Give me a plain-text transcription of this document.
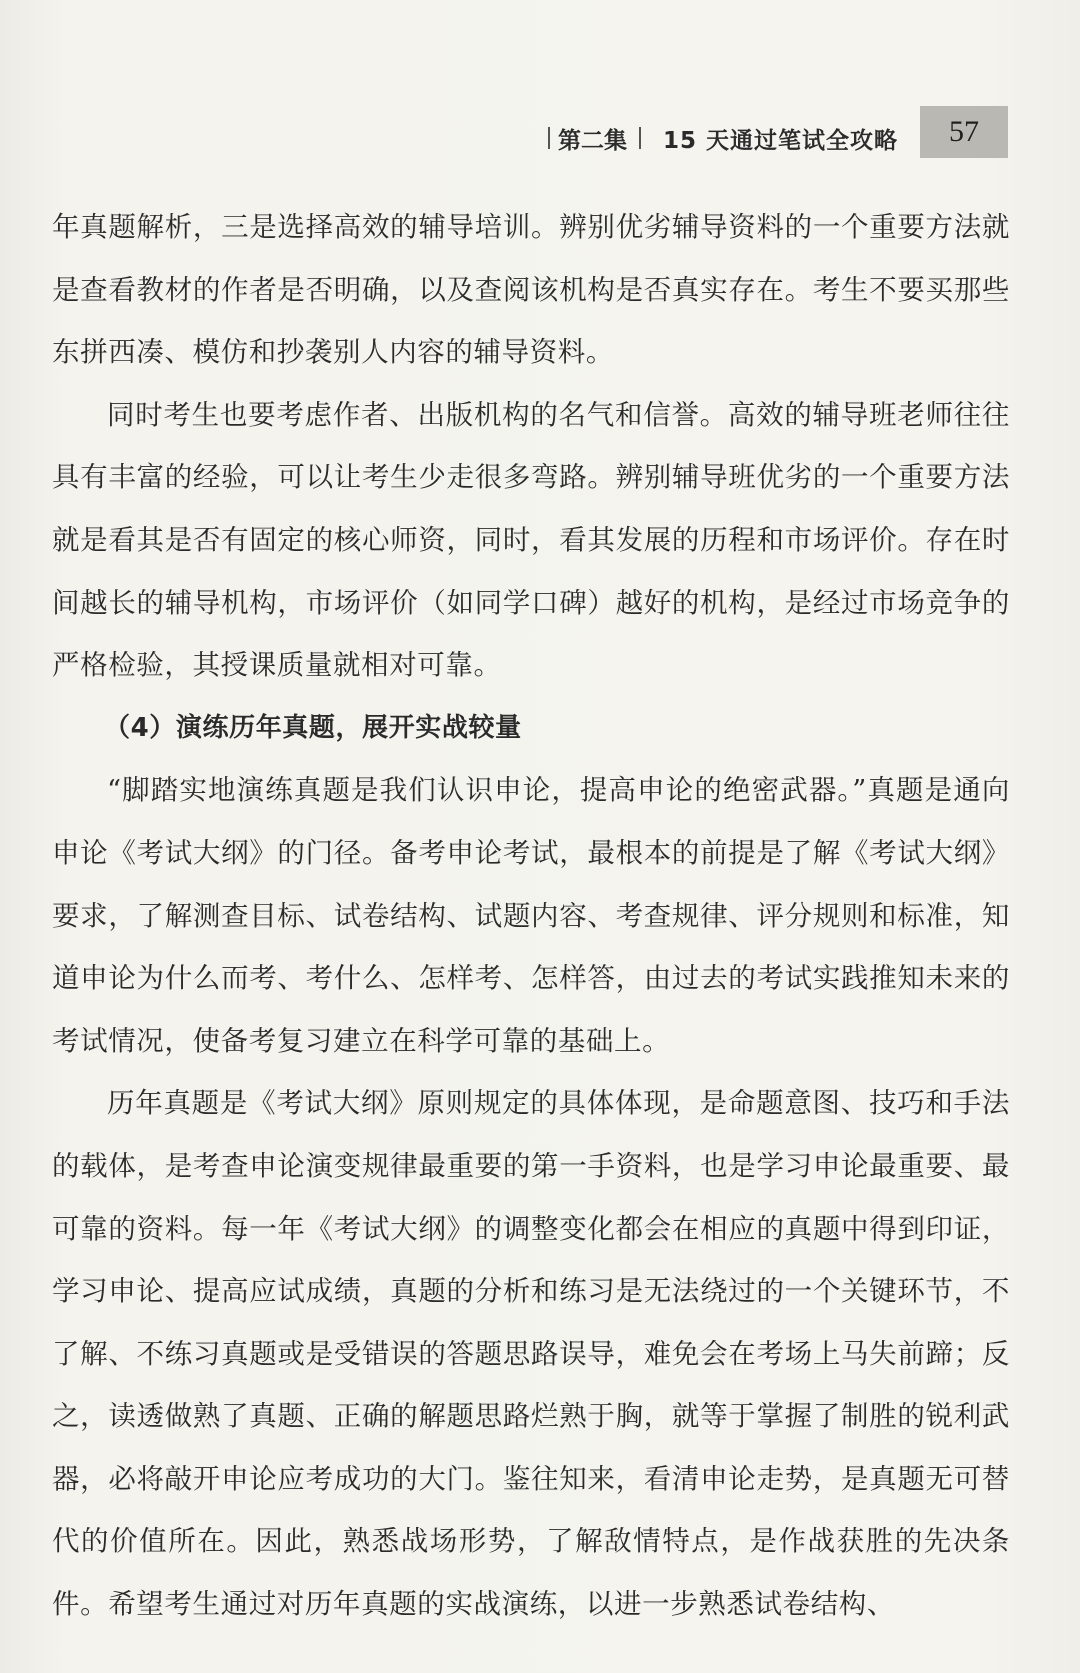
第二集 15 天通过笔试全攻略 57

年真题解析，三是选择高效的辅导培训。辨别优劣辅导资料的一个重要方法就是查看教材的作者是否明确，以及查阅该机构是否真实存在。考生不要买那些东拼西凑、模仿和抄袭别人内容的辅导资料。

同时考生也要考虑作者、出版机构的名气和信誉。高效的辅导班老师往往具有丰富的经验，可以让考生少走很多弯路。辨别辅导班优劣的一个重要方法就是看其是否有固定的核心师资，同时，看其发展的历程和市场评价。存在时间越长的辅导机构，市场评价（如同学口碑）越好的机构，是经过市场竞争的严格检验，其授课质量就相对可靠。

（4）演练历年真题，展开实战较量

“脚踏实地演练真题是我们认识申论，提高申论的绝密武器。”真题是通向申论《考试大纲》的门径。备考申论考试，最根本的前提是了解《考试大纲》要求，了解测查目标、试卷结构、试题内容、考查规律、评分规则和标准，知道申论为什么而考、考什么、怎样考、怎样答，由过去的考试实践推知未来的考试情况，使备考复习建立在科学可靠的基础上。

历年真题是《考试大纲》原则规定的具体体现，是命题意图、技巧和手法的载体，是考查申论演变规律最重要的第一手资料，也是学习申论最重要、最可靠的资料。每一年《考试大纲》的调整变化都会在相应的真题中得到印证，学习申论、提高应试成绩，真题的分析和练习是无法绕过的一个关键环节，不了解、不练习真题或是受错误的答题思路误导，难免会在考场上马失前蹄；反之，读透做熟了真题、正确的解题思路烂熟于胸，就等于掌握了制胜的锐利武器，必将敲开申论应考成功的大门。鉴往知来，看清申论走势，是真题无可替代的价值所在。因此，熟悉战场形势，了解敌情特点，是作战获胜的先决条件。希望考生通过对历年真题的实战演练，以进一步熟悉试卷结构、
